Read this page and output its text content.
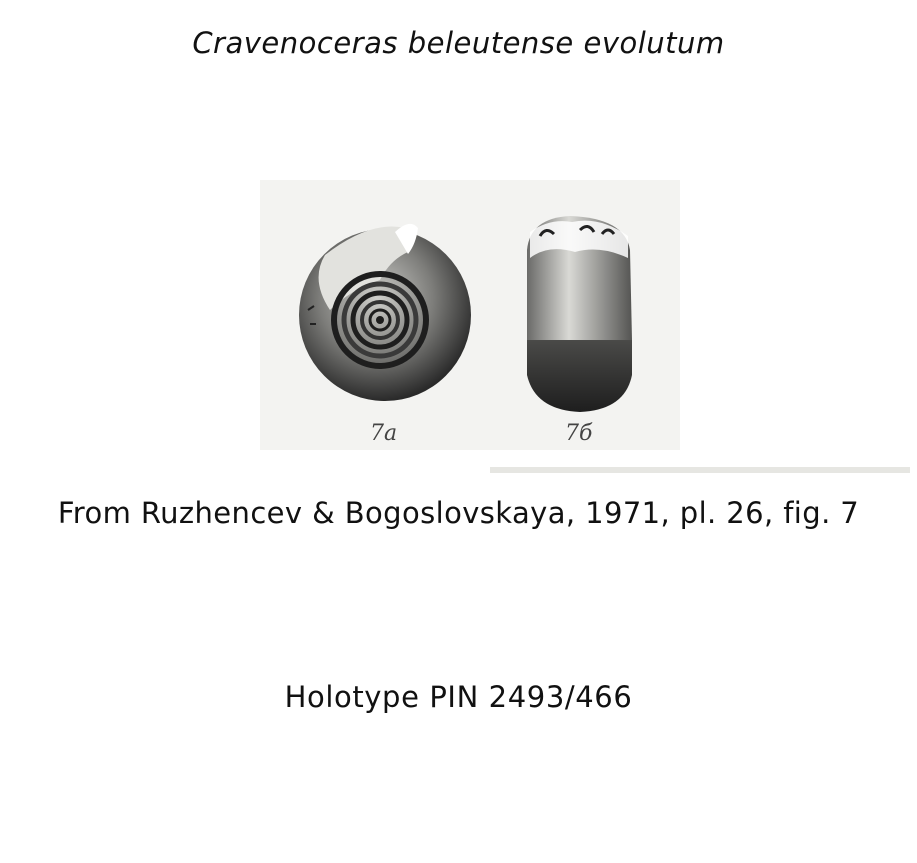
Cravenoceras beleutense evolutum
7a	7б
From Ruzhencev & Bogoslovskaya, 1971, pl. 26, fig. 7
Holotype PIN 2493/466
